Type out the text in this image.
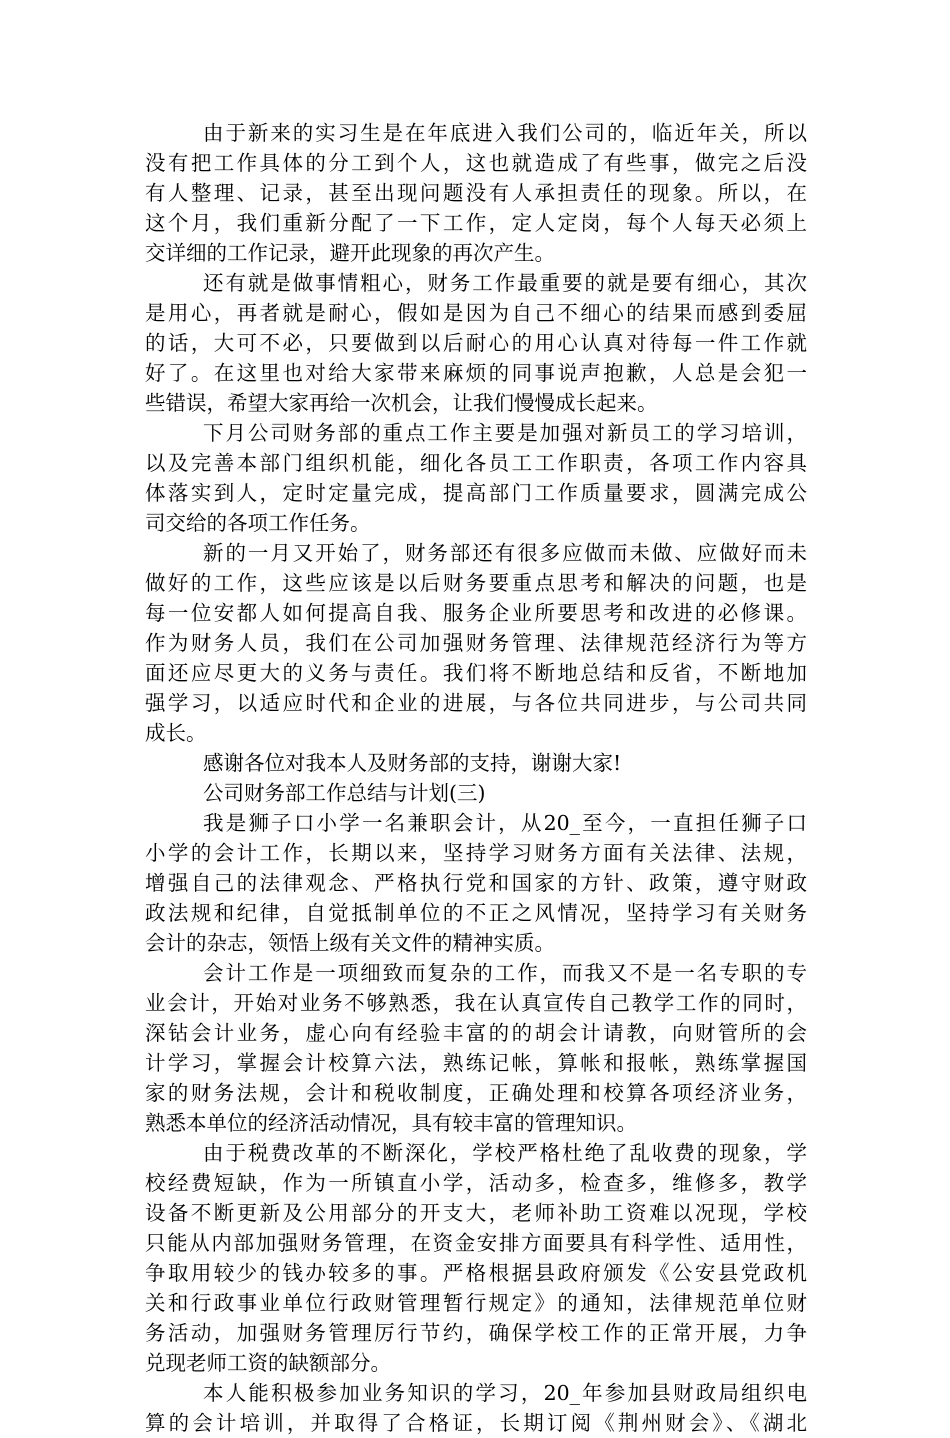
由于新来的实习生是在年底进入我们公司的，临近年关，所以
没有把工作具体的分工到个人，这也就造成了有些事，做完之后没
有人整理、记录，甚至出现问题没有人承担责任的现象。所以，在
这个月，我们重新分配了一下工作，定人定岗，每个人每天必须上
交详细的工作记录，避开此现象的再次产生。
还有就是做事情粗心，财务工作最重要的就是要有细心，其次
是用心，再者就是耐心，假如是因为自己不细心的结果而感到委屈
的话，大可不必，只要做到以后耐心的用心认真对待每一件工作就
好了。在这里也对给大家带来麻烦的同事说声抱歉，人总是会犯一
些错误，希望大家再给一次机会，让我们慢慢成长起来。
下月公司财务部的重点工作主要是加强对新员工的学习培训，
以及完善本部门组织机能，细化各员工工作职责，各项工作内容具
体落实到人，定时定量完成，提高部门工作质量要求，圆满完成公
司交给的各项工作任务。
新的一月又开始了，财务部还有很多应做而未做、应做好而未
做好的工作，这些应该是以后财务要重点思考和解决的问题，也是
每一位安都人如何提高自我、服务企业所要思考和改进的必修课。
作为财务人员，我们在公司加强财务管理、法律规范经济行为等方
面还应尽更大的义务与责任。我们将不断地总结和反省，不断地加
强学习，以适应时代和企业的进展，与各位共同进步，与公司共同
成长。
感谢各位对我本人及财务部的支持，谢谢大家!
公司财务部工作总结与计划(三)
我是狮子口小学一名兼职会计，从20_至今，一直担任狮子口
小学的会计工作，长期以来，坚持学习财务方面有关法律、法规，
增强自己的法律观念、严格执行党和国家的方针、政策，遵守财政
政法规和纪律，自觉抵制单位的不正之风情况，坚持学习有关财务
会计的杂志，领悟上级有关文件的精神实质。
会计工作是一项细致而复杂的工作，而我又不是一名专职的专
业会计，开始对业务不够熟悉，我在认真宣传自己教学工作的同时，
深钻会计业务，虚心向有经验丰富的的胡会计请教，向财管所的会
计学习，掌握会计校算六法，熟练记帐，算帐和报帐，熟练掌握国
家的财务法规，会计和税收制度，正确处理和校算各项经济业务，
熟悉本单位的经济活动情况，具有较丰富的管理知识。
由于税费改革的不断深化，学校严格杜绝了乱收费的现象，学
校经费短缺，作为一所镇直小学，活动多，检查多，维修多，教学
设备不断更新及公用部分的开支大，老师补助工资难以况现，学校
只能从内部加强财务管理，在资金安排方面要具有科学性、适用性，
争取用较少的钱办较多的事。严格根据县政府颁发《公安县党政机
关和行政事业单位行政财管理暂行规定》的通知，法律规范单位财
务活动，加强财务管理厉行节约，确保学校工作的正常开展，力争
兑现老师工资的缺额部分。
本人能积极参加业务知识的学习，20_年参加县财政局组织电
算的会计培训，并取得了合格证，长期订阅《荆州财会》、《湖北
